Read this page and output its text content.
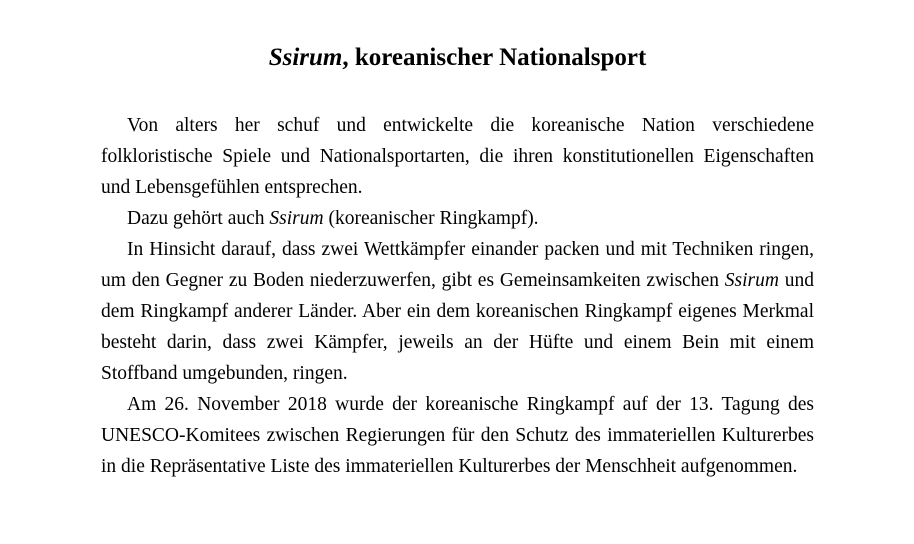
Ssirum, koreanischer Nationalsport

Von alters her schuf und entwickelte die koreanische Nation verschiedene folkloristische Spiele und Nationalsportarten, die ihren konstitutionellen Eigenschaften und Lebensgefühlen entsprechen.

Dazu gehört auch Ssirum (koreanischer Ringkampf).

In Hinsicht darauf, dass zwei Wettkämpfer einander packen und mit Techniken ringen, um den Gegner zu Boden niederzuwerfen, gibt es Gemeinsamkeiten zwischen Ssirum und dem Ringkampf anderer Länder. Aber ein dem koreanischen Ringkampf eigenes Merkmal besteht darin, dass zwei Kämpfer, jeweils an der Hüfte und einem Bein mit einem Stoffband umgebunden, ringen.

Am 26. November 2018 wurde der koreanische Ringkampf auf der 13. Tagung des UNESCO-Komitees zwischen Regierungen für den Schutz des immateriellen Kulturerbes in die Repräsentative Liste des immateriellen Kulturerbes der Menschheit aufgenommen.
